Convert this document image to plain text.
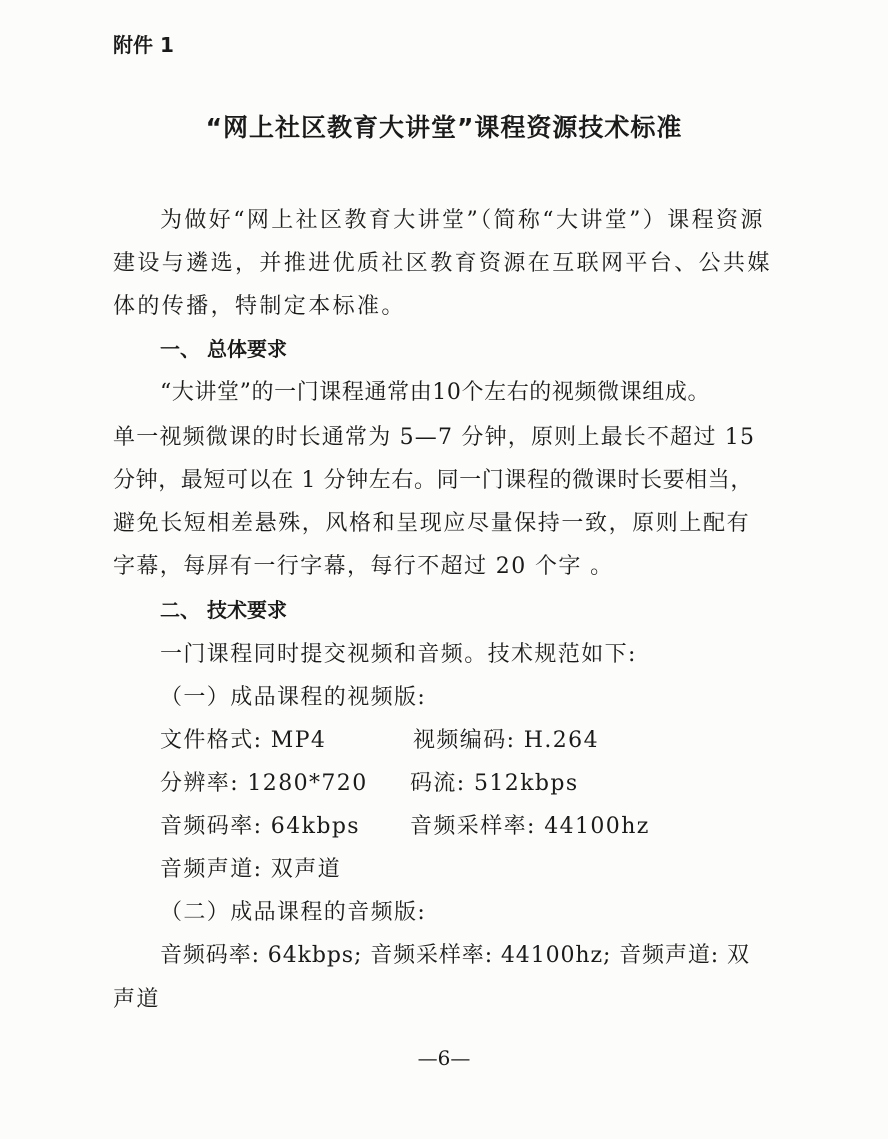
附件 1
“网上社区教育大讲堂”课程资源技术标准
为做好“网上社区教育大讲堂”（简称“大讲堂”）课程资源
建设与遴选，并推进优质社区教育资源在互联网平台、公共媒
体的传播，特制定本标准。
一、 总体要求
“大讲堂”的一门课程通常由10个左右的视频微课组成。
单一视频微课的时长通常为 5—7 分钟，原则上最长不超过 15
分钟，最短可以在 1 分钟左右。同一门课程的微课时长要相当，
避免长短相差悬殊，风格和呈现应尽量保持一致，原则上配有
字幕，每屏有一行字幕，每行不超过 20 个字 。
二、 技术要求
一门课程同时提交视频和音频。技术规范如下:
（一）成品课程的视频版:
文件格式: MP4	视频编码: H.264
分辨率: 1280*720 码流: 512kbps
音频码率: 64kbps 音频采样率: 44100hz
音频声道: 双声道
（二）成品课程的音频版:
音频码率: 64kbps; 音频采样率: 44100hz; 音频声道: 双
声道
—6—
